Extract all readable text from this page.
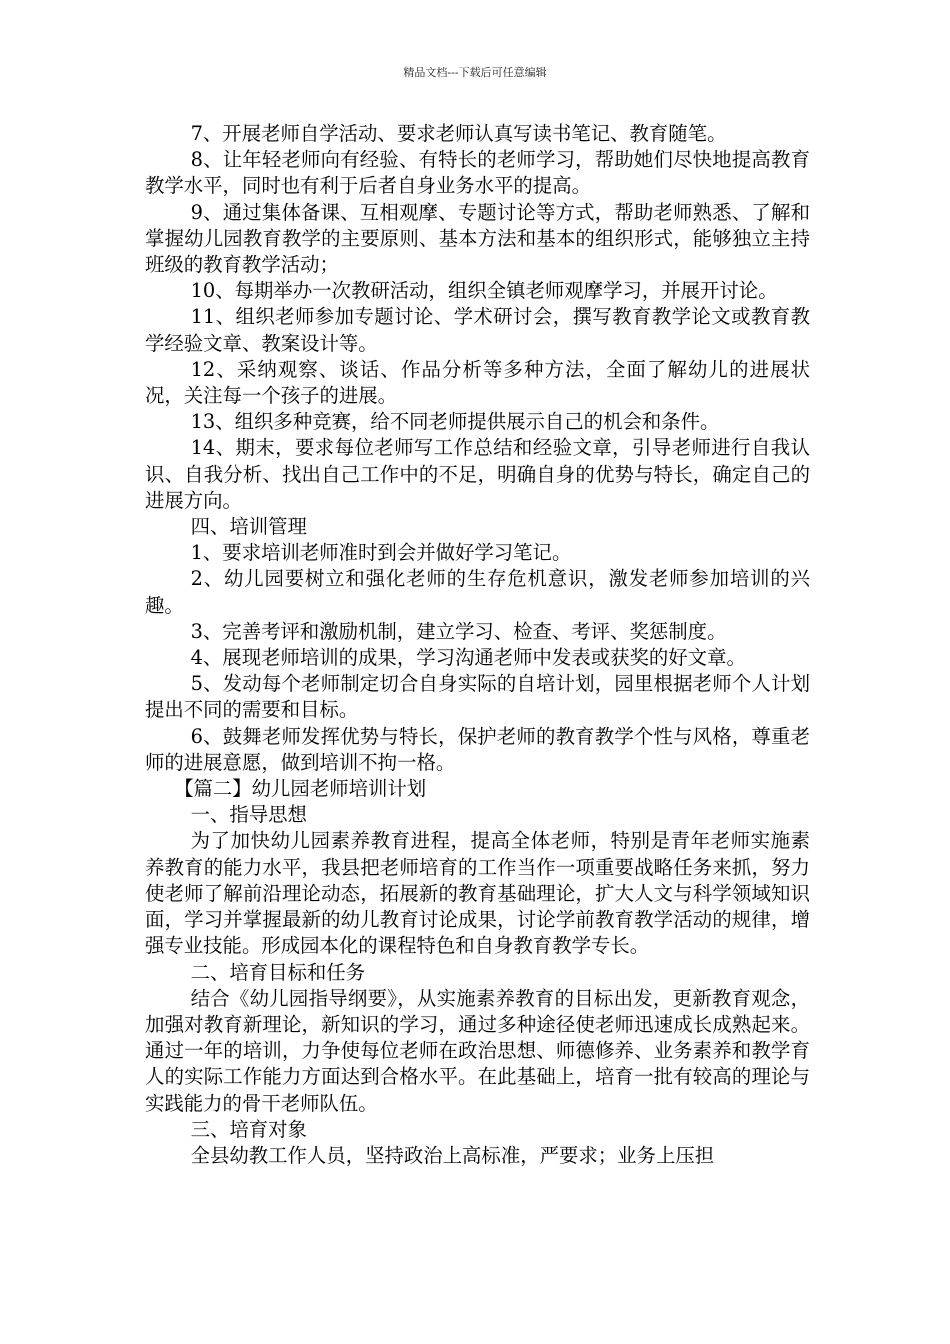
精品文档---下载后可任意编辑

7、开展老师自学活动、要求老师认真写读书笔记、教育随笔。

8、让年轻老师向有经验、有特长的老师学习，帮助她们尽快地提高教育教学水平，同时也有利于后者自身业务水平的提高。

9、通过集体备课、互相观摩、专题讨论等方式，帮助老师熟悉、了解和掌握幼儿园教育教学的主要原则、基本方法和基本的组织形式，能够独立主持班级的教育教学活动；

10、每期举办一次教研活动，组织全镇老师观摩学习，并展开讨论。

11、组织老师参加专题讨论、学术研讨会，撰写教育教学论文或教育教学经验文章、教案设计等。

12、采纳观察、谈话、作品分析等多种方法，全面了解幼儿的进展状况，关注每一个孩子的进展。

13、组织多种竞赛，给不同老师提供展示自己的机会和条件。

14、期末，要求每位老师写工作总结和经验文章，引导老师进行自我认识、自我分析、找出自己工作中的不足，明确自身的优势与特长，确定自己的进展方向。

四、培训管理

1、要求培训老师准时到会并做好学习笔记。

2、幼儿园要树立和强化老师的生存危机意识，激发老师参加培训的兴趣。

3、完善考评和激励机制，建立学习、检查、考评、奖惩制度。

4、展现老师培训的成果，学习沟通老师中发表或获奖的好文章。

5、发动每个老师制定切合自身实际的自培计划，园里根据老师个人计划提出不同的需要和目标。

6、鼓舞老师发挥优势与特长，保护老师的教育教学个性与风格，尊重老师的进展意愿，做到培训不拘一格。

【篇二】幼儿园老师培训计划

一、指导思想

为了加快幼儿园素养教育进程，提高全体老师，特别是青年老师实施素养教育的能力水平，我县把老师培育的工作当作一项重要战略任务来抓，努力使老师了解前沿理论动态，拓展新的教育基础理论，扩大人文与科学领域知识面，学习并掌握最新的幼儿教育讨论成果，讨论学前教育教学活动的规律，增强专业技能。形成园本化的课程特色和自身教育教学专长。

二、培育目标和任务

结合《幼儿园指导纲要》，从实施素养教育的目标出发，更新教育观念，加强对教育新理论，新知识的学习，通过多种途径使老师迅速成长成熟起来。通过一年的培训，力争使每位老师在政治思想、师德修养、业务素养和教学育人的实际工作能力方面达到合格水平。在此基础上，培育一批有较高的理论与实践能力的骨干老师队伍。

三、培育对象

全县幼教工作人员，坚持政治上高标准，严要求；业务上压担
